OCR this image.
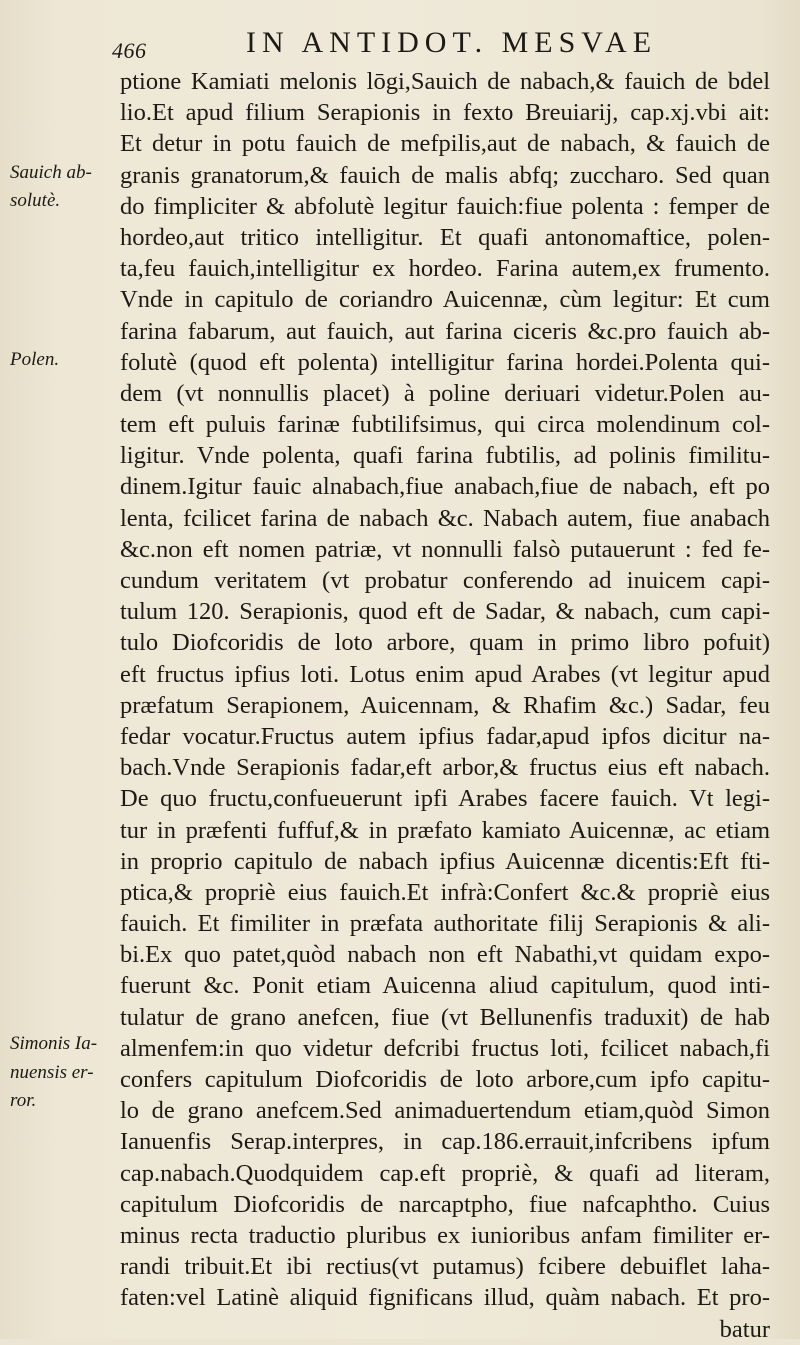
466	IN ANTIDOT. MESVAE
Sauich ab-
solutè.
Polen.
Simonis Ia-
nuensis er-
ror.
ptione Kamiati melonis lōgi,Sauich de nabach,& fauich de bdel
lio.Et apud filium Serapionis in fexto Breuiarij, cap.xj.vbi ait:
Et detur in potu fauich de mefpilis,aut de nabach, & fauich de
granis granatorum,& fauich de malis abfq; zuccharo. Sed quan
do fimpliciter & abfolutè legitur fauich:fiue polenta : femper de
hordeo,aut tritico intelligitur. Et quafi antonomaftice, polen-
ta,feu fauich,intelligitur ex hordeo. Farina autem,ex frumento.
Vnde in capitulo de coriandro Auicennæ, cùm legitur: Et cum
farina fabarum, aut fauich, aut farina ciceris &c.pro fauich ab-
folutè (quod eft polenta) intelligitur farina hordei.Polenta qui-
dem (vt nonnullis placet) à poline deriuari videtur.Polen au-
tem eft puluis farinæ fubtilifsimus, qui circa molendinum col-
ligitur. Vnde polenta, quafi farina fubtilis, ad polinis fimilitu-
dinem.Igitur fauic alnabach,fiue anabach,fiue de nabach, eft po
lenta, fcilicet farina de nabach &c. Nabach autem, fiue anabach
&c.non eft nomen patriæ, vt nonnulli falsò putauerunt : fed fe-
cundum veritatem (vt probatur conferendo ad inuicem capi-
tulum 120. Serapionis, quod eft de Sadar, & nabach, cum capi-
tulo Diofcoridis de loto arbore, quam in primo libro pofuit)
eft fructus ipfius loti. Lotus enim apud Arabes (vt legitur apud
præfatum Serapionem, Auicennam, & Rhafim &c.) Sadar, feu
fedar vocatur.Fructus autem ipfius fadar,apud ipfos dicitur na-
bach.Vnde Serapionis fadar,eft arbor,& fructus eius eft nabach.
De quo fructu,confueuerunt ipfi Arabes facere fauich. Vt legi-
tur in præfenti fuffuf,& in præfato kamiato Auicennæ, ac etiam
in proprio capitulo de nabach ipfius Auicennæ dicentis:Eft fti-
ptica,& propriè eius fauich.Et infrà:Confert &c.& propriè eius
fauich. Et fimiliter in præfata authoritate filij Serapionis & ali-
bi.Ex quo patet,quòd nabach non eft Nabathi,vt quidam expo-
fuerunt &c. Ponit etiam Auicenna aliud capitulum, quod inti-
tulatur de grano anefcen, fiue (vt Bellunenfis traduxit) de hab
almenfem:in quo videtur defcribi fructus loti, fcilicet nabach,fi
confers capitulum Diofcoridis de loto arbore,cum ipfo capitu-
lo de grano anefcem.Sed animaduertendum etiam,quòd Simon
Ianuenfis Serap.interpres, in cap.186.errauit,infcribens ipfum
cap.nabach.Quodquidem cap.eft propriè, & quafi ad literam,
capitulum Diofcoridis de narcaptpho, fiue nafcaphtho. Cuius
minus recta traductio pluribus ex iunioribus anfam fimiliter er-
randi tribuit.Et ibi rectius(vt putamus) fcibere debuiflet laha-
faten:vel Latinè aliquid fignificans illud, quàm nabach. Et pro-
batur
